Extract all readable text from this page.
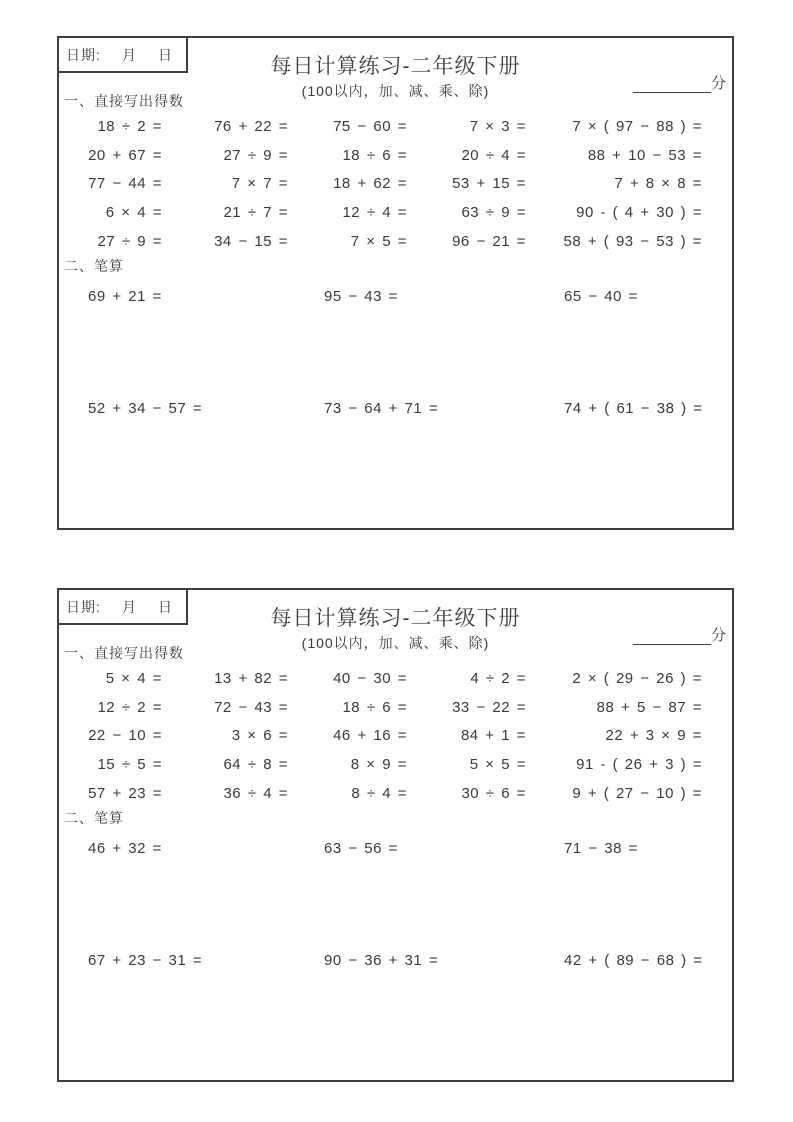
日期: 月 日
每日计算练习-二年级下册
(100以内，加、减、乘、除)	分
一、直接写出得数
18 ÷ 2 =	76 + 22 =	75 − 60 =	7 × 3 =	7 × ( 97 − 88 ) =
20 + 67 =	27 ÷ 9 =	18 ÷ 6 =	20 ÷ 4 =	88 + 10 − 53 =
77 − 44 =	7 × 7 =	18 + 62 =	53 + 15 =	7 + 8 × 8 =
6 × 4 =	21 ÷ 7 =	12 ÷ 4 =	63 ÷ 9 =	90 - ( 4 + 30 ) =
27 ÷ 9 =	34 − 15 =	7 × 5 =	96 − 21 =	58 + ( 93 − 53 ) =
二、笔算
69 + 21 =	95 − 43 =	65 − 40 =
52 + 34 − 57 =	73 − 64 + 71 =	74 + ( 61 − 38 ) =
日期: 月 日
每日计算练习-二年级下册
(100以内，加、减、乘、除)	分
一、直接写出得数
5 × 4 =	13 + 82 =	40 − 30 =	4 ÷ 2 =	2 × ( 29 − 26 ) =
12 ÷ 2 =	72 − 43 =	18 ÷ 6 =	33 − 22 =	88 + 5 − 87 =
22 − 10 =	3 × 6 =	46 + 16 =	84 + 1 =	22 + 3 × 9 =
15 ÷ 5 =	64 ÷ 8 =	8 × 9 =	5 × 5 =	91 - ( 26 + 3 ) =
57 + 23 =	36 ÷ 4 =	8 ÷ 4 =	30 ÷ 6 =	9 + ( 27 − 10 ) =
二、笔算
46 + 32 =	63 − 56 =	71 − 38 =
67 + 23 − 31 =	90 − 36 + 31 =	42 + ( 89 − 68 ) =
